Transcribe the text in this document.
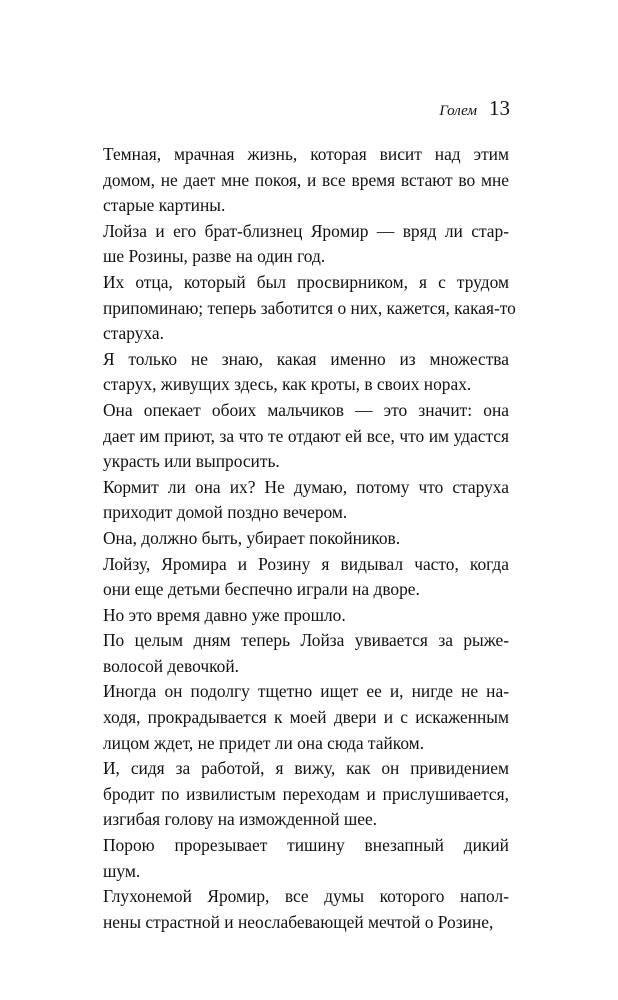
Голем 13

Темная, мрачная жизнь, которая висит над этим
домом, не дает мне покоя, и все время встают во мне
старые картины.

Лойза и его брат-близнец Яромир — вряд ли стар-
ше Розины, разве на один год.

Их отца, который был просвирником, я с трудом
припоминаю; теперь заботится о них, кажется, какая-то
старуха.

Я только не знаю, какая именно из множества
старух, живущих здесь, как кроты, в своих норах.

Она опекает обоих мальчиков — это значит: она
дает им приют, за что те отдают ей все, что им удастся
украсть или выпросить.

Кормит ли она их? Не думаю, потому что старуха
приходит домой поздно вечером.

Она, должно быть, убирает покойников.

Лойзу, Яромира и Розину я видывал часто, когда
они еще детьми беспечно играли на дворе.

Но это время давно уже прошло.

По целым дням теперь Лойза увивается за рыже-
волосой девочкой.

Иногда он подолгу тщетно ищет ее и, нигде не на-
ходя, прокрадывается к моей двери и с искаженным
лицом ждет, не придет ли она сюда тайком.

И, сидя за работой, я вижу, как он привидением
бродит по извилистым переходам и прислушивается,
изгибая голову на изможденной шее.

Порою прорезывает тишину внезапный дикий
шум.

Глухонемой Яромир, все думы которого напол-
нены страстной и неослабевающей мечтой о Розине,
